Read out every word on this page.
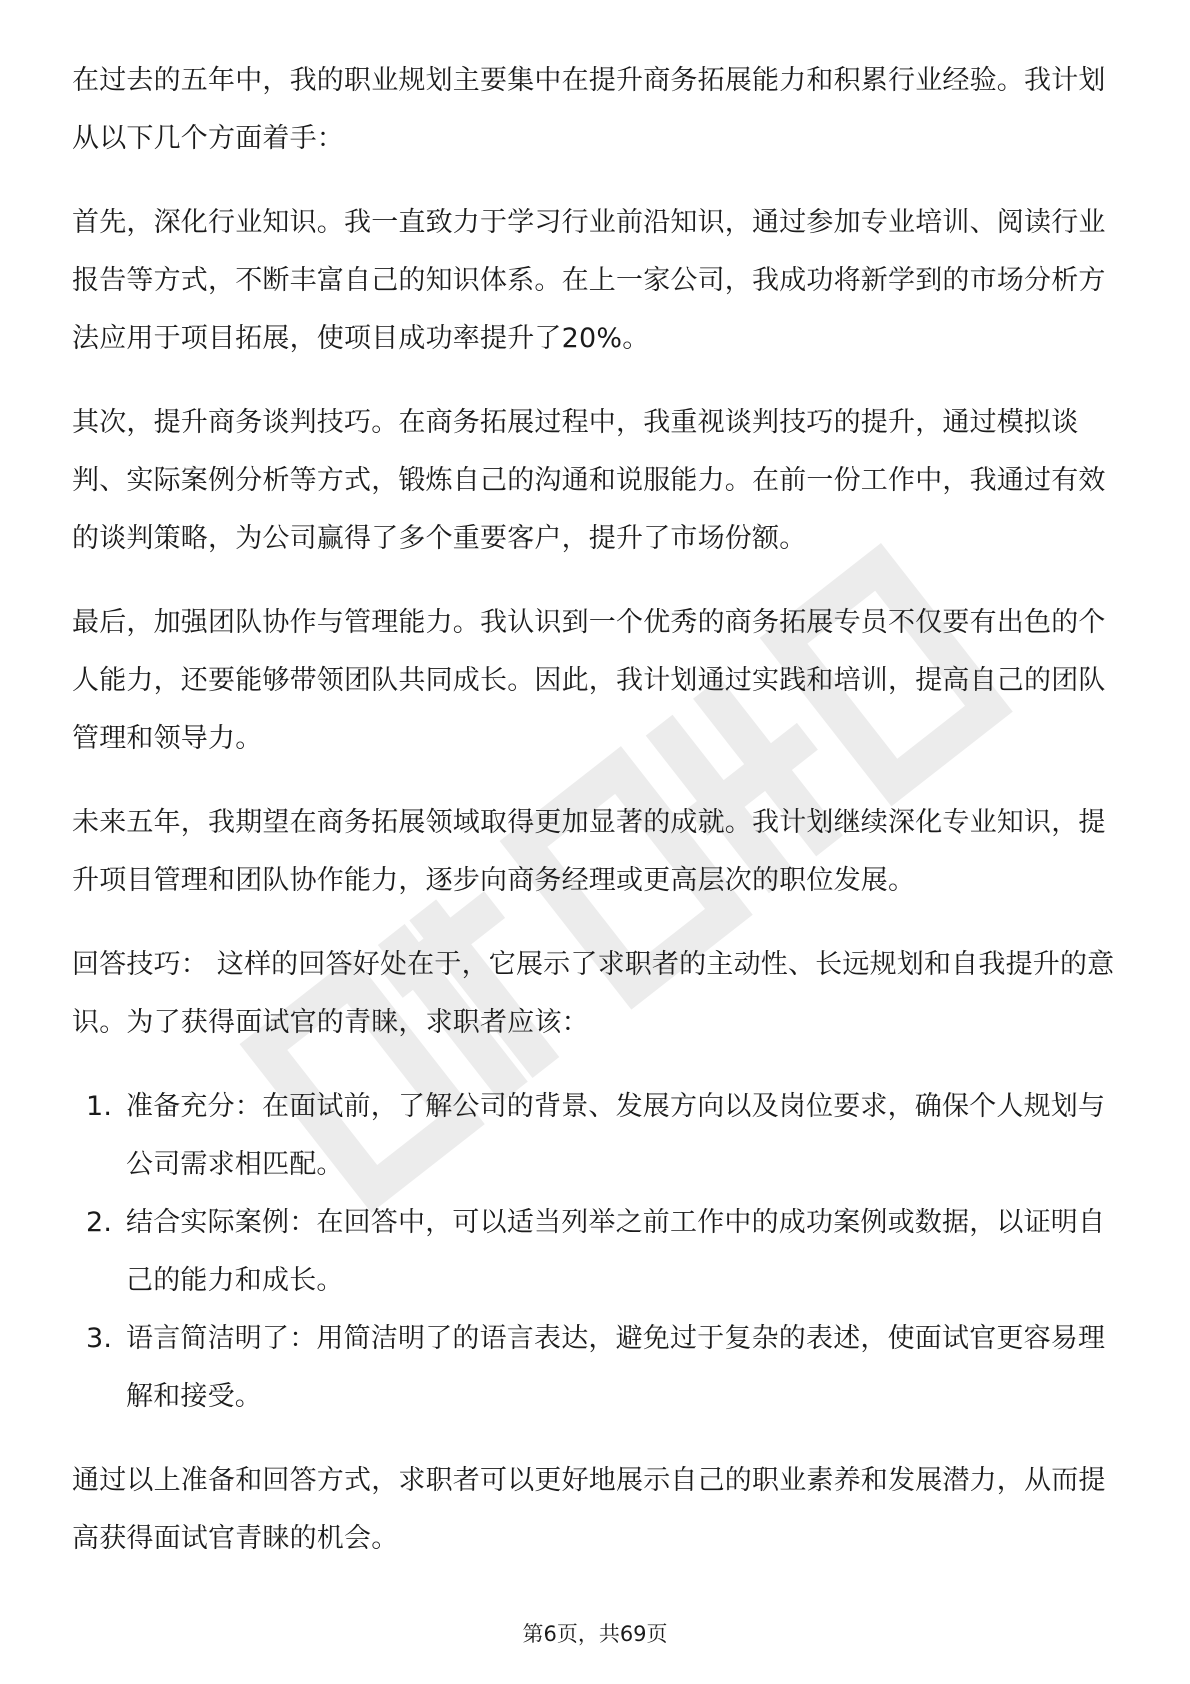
在过去的五年中，我的职业规划主要集中在提升商务拓展能力和积累行业经验。我计划从以下几个方面着手：

首先，深化行业知识。我一直致力于学习行业前沿知识，通过参加专业培训、阅读行业报告等方式，不断丰富自己的知识体系。在上一家公司，我成功将新学到的市场分析方法应用于项目拓展，使项目成功率提升了20%。

其次，提升商务谈判技巧。在商务拓展过程中，我重视谈判技巧的提升，通过模拟谈判、实际案例分析等方式，锻炼自己的沟通和说服能力。在前一份工作中，我通过有效的谈判策略，为公司赢得了多个重要客户，提升了市场份额。

最后，加强团队协作与管理能力。我认识到一个优秀的商务拓展专员不仅要有出色的个人能力，还要能够带领团队共同成长。因此，我计划通过实践和培训，提高自己的团队管理和领导力。

未来五年，我期望在商务拓展领域取得更加显著的成就。我计划继续深化专业知识，提升项目管理和团队协作能力，逐步向商务经理或更高层次的职位发展。

回答技巧： 这样的回答好处在于，它展示了求职者的主动性、长远规划和自我提升的意识。为了获得面试官的青睐，求职者应该：

1. 准备充分：在面试前，了解公司的背景、发展方向以及岗位要求，确保个人规划与公司需求相匹配。
2. 结合实际案例：在回答中，可以适当列举之前工作中的成功案例或数据，以证明自己的能力和成长。
3. 语言简洁明了：用简洁明了的语言表达，避免过于复杂的表述，使面试官更容易理解和接受。

通过以上准备和回答方式，求职者可以更好地展示自己的职业素养和发展潜力，从而提高获得面试官青睐的机会。

第6页，共69页
